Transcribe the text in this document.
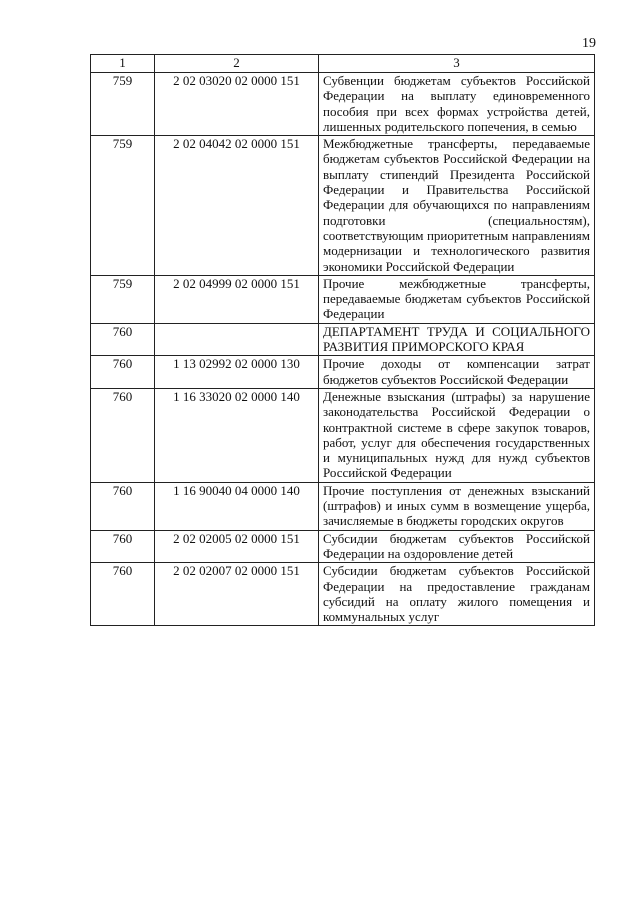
19
1	2	3
759	2 02 03020 02 0000 151	Субвенции бюджетам субъектов Российской Федерации на выплату единовременного пособия при всех формах устройства детей, лишенных родительского попечения, в семью
759	2 02 04042 02 0000 151	Межбюджетные трансферты, передаваемые бюджетам субъектов Российской Федерации на выплату стипендий Президента Российской Федерации и Правительства Российской Федерации для обучающихся по направлениям подготовки (специальностям), соответствующим приоритетным направлениям модернизации и технологического развития экономики Российской Федерации
759	2 02 04999 02 0000 151	Прочие межбюджетные трансферты, передаваемые бюджетам субъектов Российской Федерации
760		ДЕПАРТАМЕНТ ТРУДА И СОЦИАЛЬНОГО РАЗВИТИЯ ПРИМОРСКОГО КРАЯ
760	1 13 02992 02 0000 130	Прочие доходы от компенсации затрат бюджетов субъектов Российской Федерации
760	1 16 33020 02 0000 140	Денежные взыскания (штрафы) за нарушение законодательства Российской Федерации о контрактной системе в сфере закупок товаров, работ, услуг для обеспечения государственных и муниципальных нужд для нужд субъектов Российской Федерации
760	1 16 90040 04 0000 140	Прочие поступления от денежных взысканий (штрафов) и иных сумм в возмещение ущерба, зачисляемые в бюджеты городских округов
760	2 02 02005 02 0000 151	Субсидии бюджетам субъектов Российской Федерации на оздоровление детей
760	2 02 02007 02 0000 151	Субсидии бюджетам субъектов Российской Федерации на предоставление гражданам субсидий на оплату жилого помещения и коммунальных услуг
